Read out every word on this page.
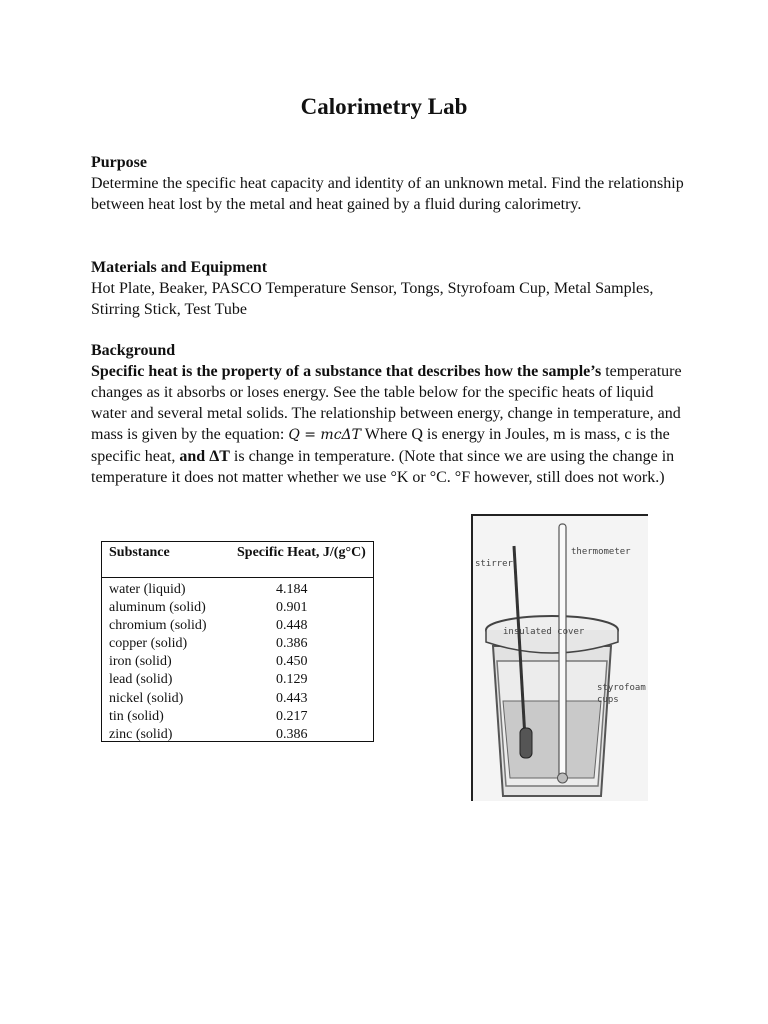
Calorimetry Lab
Purpose

Determine the specific heat capacity and identity of an unknown metal. Find the relationship between heat lost by the metal and heat gained by a fluid during calorimetry.

Materials and Equipment

Hot Plate, Beaker, PASCO Temperature Sensor, Tongs, Styrofoam Cup, Metal Samples, Stirring Stick, Test Tube

Background

Specific heat is the property of a substance that describes how the sample’s temperature changes as it absorbs or loses energy. See the table below for the specific heats of liquid water and several metal solids. The relationship between energy, change in temperature, and mass is given by the equation: Q = mcΔT Where Q is energy in Joules, m is mass, c is the specific heat, and ΔT is change in temperature. (Note that since we are using the change in temperature it does not matter whether we use °K or °C. °F however, still does not work.)

Substance	Specific Heat, J/(g°C)
water (liquid)	4.184
aluminum (solid)	0.901
chromium (solid)	0.448
copper (solid)	0.386
iron (solid)	0.450
lead (solid)	0.129
nickel (solid)	0.443
tin (solid)	0.217
zinc (solid)	0.386
stirrer
thermometer
insulated cover
styrofoam
cups
